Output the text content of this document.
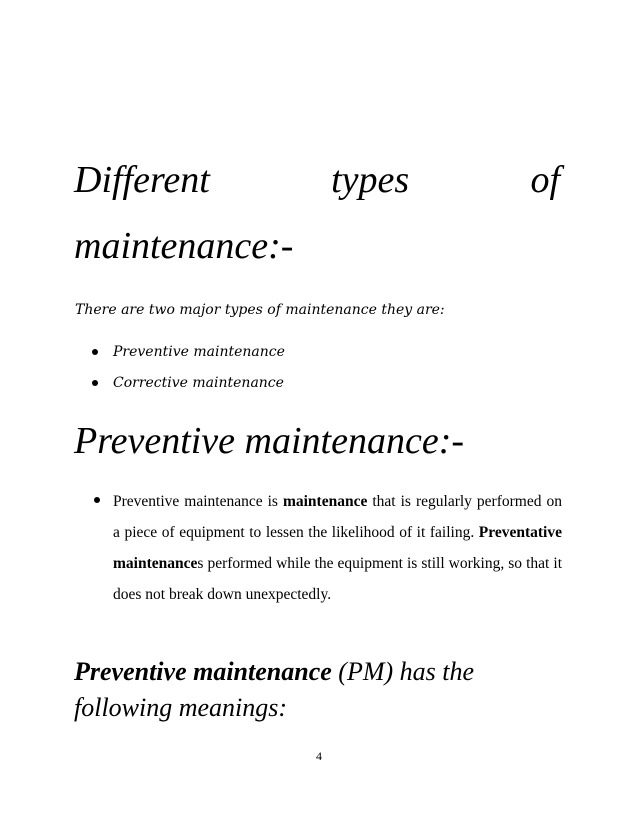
Different	types	of
maintenance:-
There are two major types of maintenance they are:
Preventive maintenance
Corrective maintenance
Preventive maintenance:-
Preventive maintenance is maintenance that is regularly performed on a piece of equipment to lessen the likelihood of it failing. Preventative maintenances performed while the equipment is still working, so that it does not break down unexpectedly.
Preventive maintenance (PM) has the following meanings:
4
